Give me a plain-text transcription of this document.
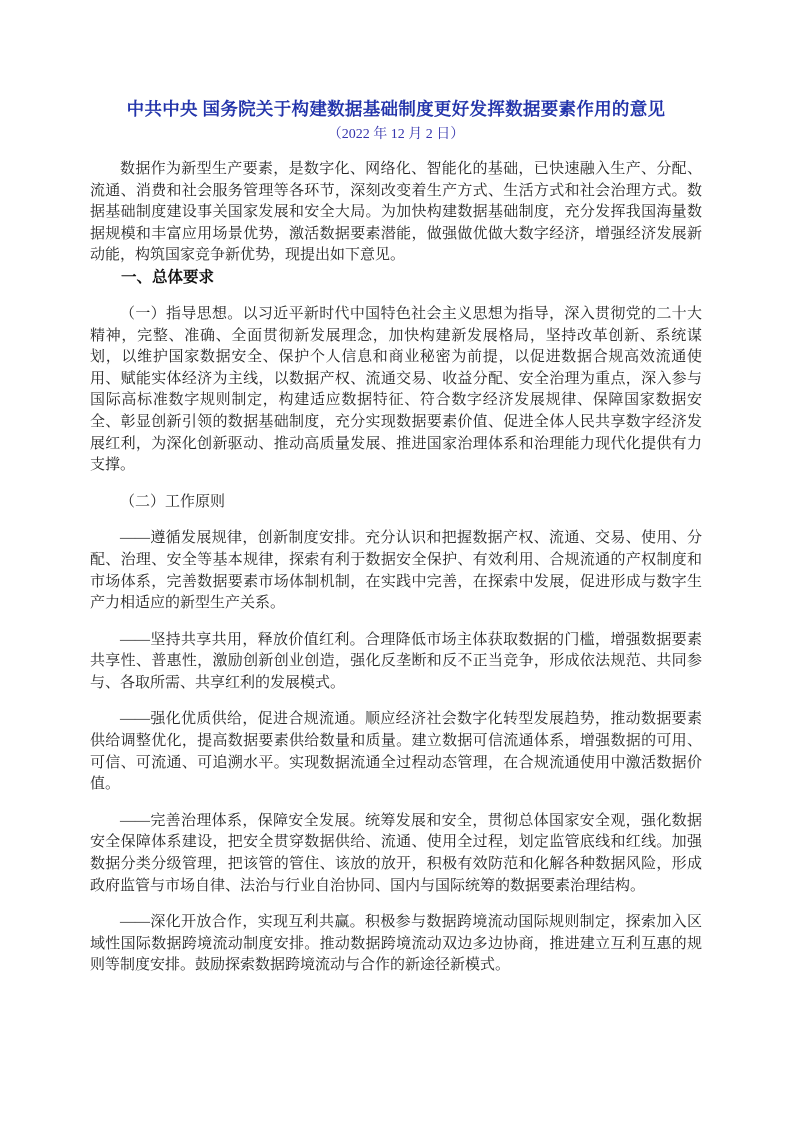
中共中央 国务院关于构建数据基础制度更好发挥数据要素作用的意见
（2022 年 12 月 2 日）

数据作为新型生产要素，是数字化、网络化、智能化的基础，已快速融入生产、分配、流通、消费和社会服务管理等各环节，深刻改变着生产方式、生活方式和社会治理方式。数据基础制度建设事关国家发展和安全大局。为加快构建数据基础制度，充分发挥我国海量数据规模和丰富应用场景优势，激活数据要素潜能，做强做优做大数字经济，增强经济发展新动能，构筑国家竞争新优势，现提出如下意见。

一、总体要求

（一）指导思想。以习近平新时代中国特色社会主义思想为指导，深入贯彻党的二十大精神，完整、准确、全面贯彻新发展理念，加快构建新发展格局，坚持改革创新、系统谋划，以维护国家数据安全、保护个人信息和商业秘密为前提，以促进数据合规高效流通使用、赋能实体经济为主线，以数据产权、流通交易、收益分配、安全治理为重点，深入参与国际高标准数字规则制定，构建适应数据特征、符合数字经济发展规律、保障国家数据安全、彰显创新引领的数据基础制度，充分实现数据要素价值、促进全体人民共享数字经济发展红利，为深化创新驱动、推动高质量发展、推进国家治理体系和治理能力现代化提供有力支撑。

（二）工作原则

——遵循发展规律，创新制度安排。充分认识和把握数据产权、流通、交易、使用、分配、治理、安全等基本规律，探索有利于数据安全保护、有效利用、合规流通的产权制度和市场体系，完善数据要素市场体制机制，在实践中完善，在探索中发展，促进形成与数字生产力相适应的新型生产关系。

——坚持共享共用，释放价值红利。合理降低市场主体获取数据的门槛，增强数据要素共享性、普惠性，激励创新创业创造，强化反垄断和反不正当竞争，形成依法规范、共同参与、各取所需、共享红利的发展模式。

——强化优质供给，促进合规流通。顺应经济社会数字化转型发展趋势，推动数据要素供给调整优化，提高数据要素供给数量和质量。建立数据可信流通体系，增强数据的可用、可信、可流通、可追溯水平。实现数据流通全过程动态管理，在合规流通使用中激活数据价值。

——完善治理体系，保障安全发展。统筹发展和安全，贯彻总体国家安全观，强化数据安全保障体系建设，把安全贯穿数据供给、流通、使用全过程，划定监管底线和红线。加强数据分类分级管理，把该管的管住、该放的放开，积极有效防范和化解各种数据风险，形成政府监管与市场自律、法治与行业自治协同、国内与国际统筹的数据要素治理结构。

——深化开放合作，实现互利共赢。积极参与数据跨境流动国际规则制定，探索加入区域性国际数据跨境流动制度安排。推动数据跨境流动双边多边协商，推进建立互利互惠的规则等制度安排。鼓励探索数据跨境流动与合作的新途径新模式。
